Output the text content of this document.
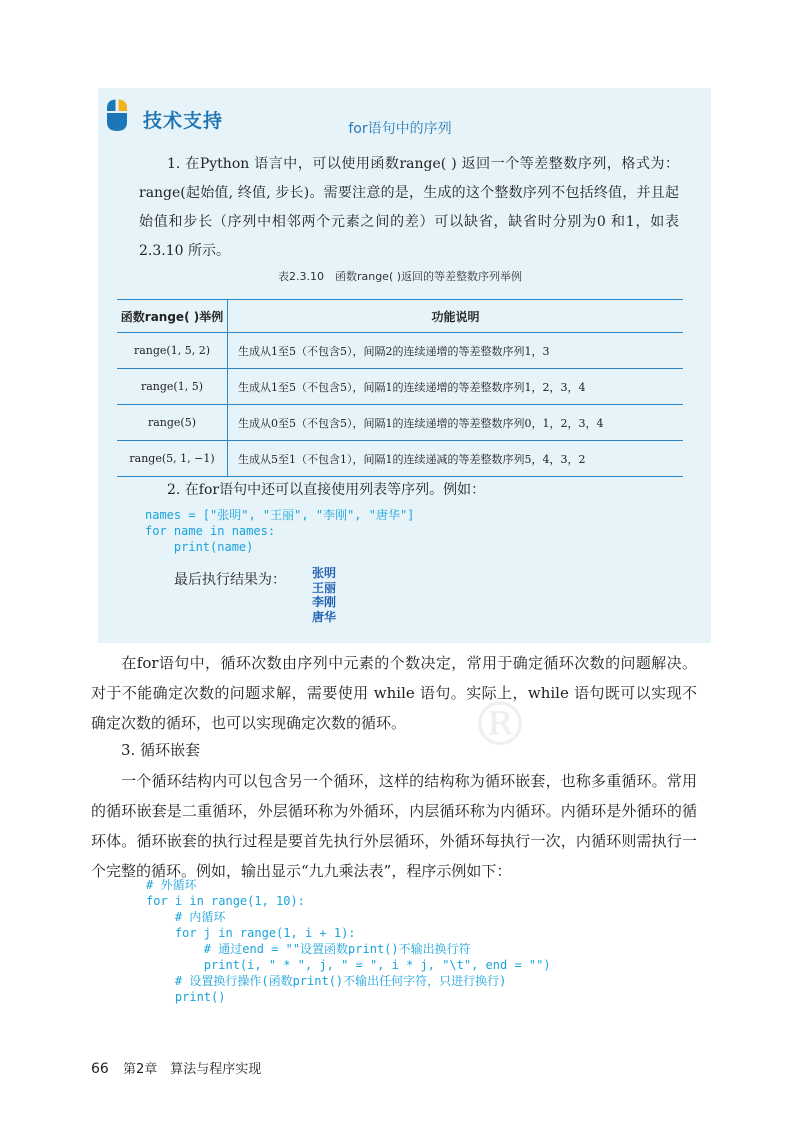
技术支持	for语句中的序列
1. 在Python 语言中，可以使用函数range( ) 返回一个等差整数序列，格式为：range(起始值, 终值, 步长)。需要注意的是，生成的这个整数序列不包括终值，并且起始值和步长（序列中相邻两个元素之间的差）可以缺省，缺省时分别为0 和1，如表2.3.10 所示。
表2.3.10　函数range( )返回的等差整数序列举例
函数range( )举例	功能说明
range(1, 5, 2)	生成从1至5（不包含5），间隔2的连续递增的等差整数序列1，3
range(1, 5)	生成从1至5（不包含5），间隔1的连续递增的等差整数序列1，2，3，4
range(5)	生成从0至5（不包含5），间隔1的连续递增的等差整数序列0，1，2，3，4
range(5, 1, −1)	生成从5至1（不包含1），间隔1的连续递减的等差整数序列5，4，3，2
2. 在for语句中还可以直接使用列表等序列。例如：
names = ["张明", "王丽", "李刚", "唐华"]
for name in names:
print(name)
最后执行结果为： 张明
王丽
李刚
唐华
®
在for语句中，循环次数由序列中元素的个数决定，常用于确定循环次数的问题解决。对于不能确定次数的问题求解，需要使用 while 语句。实际上，while 语句既可以实现不确定次数的循环，也可以实现确定次数的循环。
3. 循环嵌套
一个循环结构内可以包含另一个循环，这样的结构称为循环嵌套，也称多重循环。常用的循环嵌套是二重循环，外层循环称为外循环，内层循环称为内循环。内循环是外循环的循环体。循环嵌套的执行过程是要首先执行外层循环，外循环每执行一次，内循环则需执行一个完整的循环。例如，输出显示“九九乘法表”，程序示例如下：
# 外循环
for i in range(1, 10):
# 内循环
for j in range(1, i + 1):
# 通过end = ""设置函数print()不输出换行符
print(i, " * ", j, " = ", i * j, "\t", end = "")
# 设置换行操作(函数print()不输出任何字符，只进行换行)
print()
66 第2章　算法与程序实现
